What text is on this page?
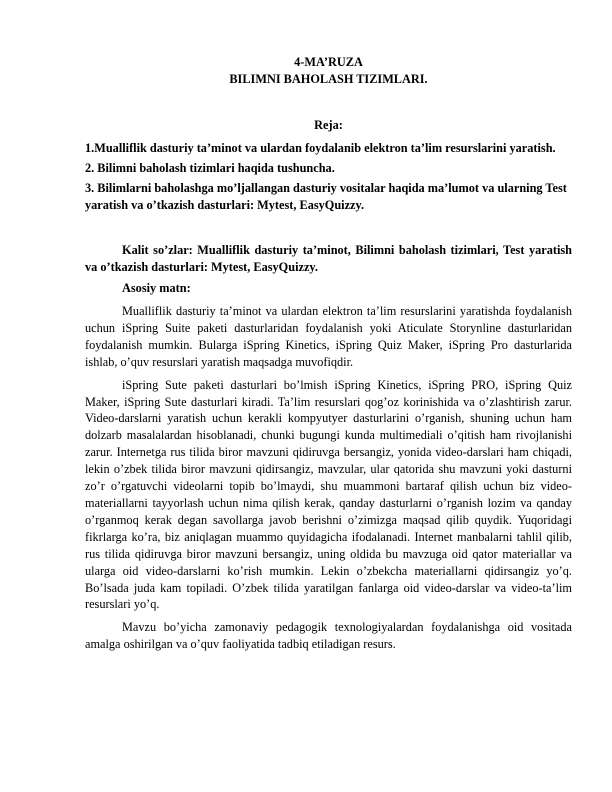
4-MA’RUZA
BILIMNI BAHOLASH TIZIMLARI.
Reja:

1.Mualliflik dasturiy ta’minot va ulardan foydalanib elektron ta’lim resurslarini yaratish.

2. Bilimni baholash tizimlari haqida tushuncha.

3. Bilimlarni baholashga mo’ljallangan dasturiy vositalar haqida ma’lumot va ularning Test yaratish va o’tkazish dasturlari: Mytest, EasyQuizzy.

Kalit so’zlar: Mualliflik dasturiy ta’minot, Bilimni baholash tizimlari, Test yaratish va o’tkazish dasturlari: Mytest, EasyQuizzy.
Asosiy matn:

Mualliflik dasturiy ta’minot va ulardan elektron ta’lim resurslarini yaratishda foydalanish uchun iSpring Suite paketi dasturlaridan foydalanish yoki Aticulate Storynline dasturlaridan foydalanish mumkin. Bularga iSpring Kinetics, iSpring Quiz Maker, iSpring Pro dasturlarida ishlab, o’quv resurslari yaratish maqsadga muvofiqdir.

iSpring Sute paketi dasturlari bo’lmish iSpring Kinetics, iSpring PRO, iSpring Quiz Maker, iSpring Sute dasturlari kiradi. Ta’lim resurslari qog’oz korinishida va o’zlashtirish zarur. Video-darslarni yaratish uchun kerakli kompyutyer dasturlarini o’rganish, shuning uchun ham dolzarb masalalardan hisoblanadi, chunki bugungi kunda multimediali o’qitish ham rivojlanishi zarur. Internetga rus tilida biror mavzuni qidiruvga bersangiz, yonida video-darslari ham chiqadi, lekin o’zbek tilida biror mavzuni qidirsangiz, mavzular, ular qatorida shu mavzuni yoki dasturni zo’r o’rgatuvchi videolarni topib bo’lmaydi, shu muammoni bartaraf qilish uchun biz video-materiallarni tayyorlash uchun nima qilish kerak, qanday dasturlarni o’rganish lozim va qanday o’rganmoq kerak degan savollarga javob berishni o’zimizga maqsad qilib quydik. Yuqoridagi fikrlarga ko’ra, biz aniqlagan muammo quyidagicha ifodalanadi. Internet manbalarni tahlil qilib, rus tilida qidiruvga biror mavzuni bersangiz, uning oldida bu mavzuga oid qator materiallar va ularga oid video-darslarni ko’rish mumkin. Lekin o’zbekcha materiallarni qidirsangiz yo’q. Bo’lsada juda kam topiladi. O’zbek tilida yaratilgan fanlarga oid video-darslar va video-ta’lim resurslari yo’q.

Mavzu bo’yicha zamonaviy pedagogik texnologiyalardan foydalanishga oid vositada amalga oshirilgan va o’quv faoliyatida tadbiq etiladigan resurs.
